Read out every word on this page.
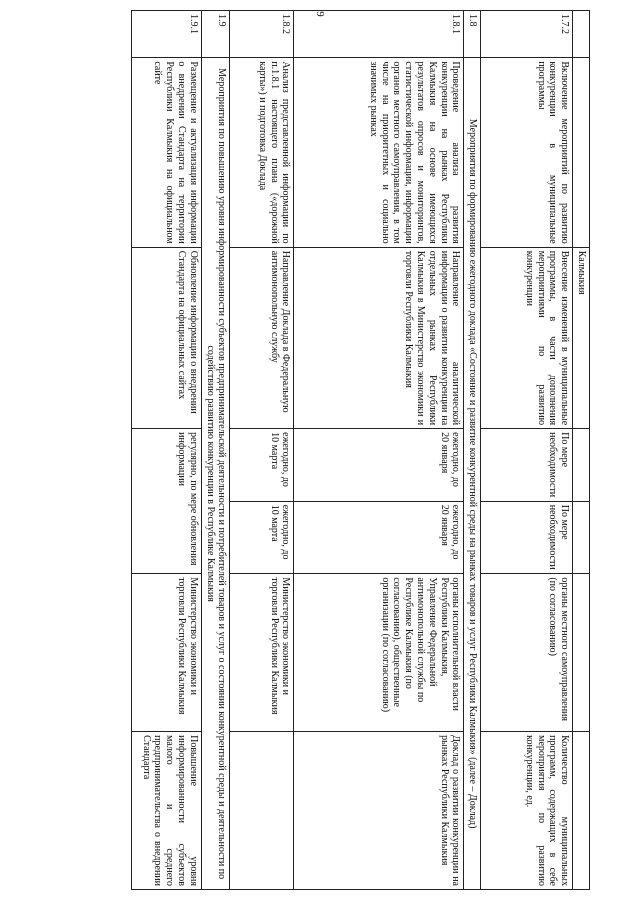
9
		Калмыкия				
1.7.2	Включение мероприятий по развитию конкуренции в муниципальные программы	Внесение изменений в муниципальные программы, в части дополнения мероприятиями по развитию конкуренции	По мере необходимости	По мере необходимости	органы местного самоуправления (по согласованию)	Количество муниципальных программ, содержащих в себе мероприятия по развитию конкуренции, ед.
1.8	Мероприятия по формированию ежегодного доклада «Состояние и развитие конкурентной среды на рынках товаров и услуг Республики Калмыкия» (далее – Доклад)					
1.8.1	Проведение анализа развития конкуренции на рынках Республики Калмыкия на основе имеющихся результатов опросов и мониторингов, статистической информации, информации органов местного самоуправления, в том числе на приоритетных и социально значимых рынках	Направление аналитической информации о развитии конкуренции на отдельных рынках Республики Калмыкия в Министерство экономики и торговли Республики Калмыкия	ежегодно, до 20 января	ежегодно, до 20 января	органы исполнительной власти Республики Калмыкия, Управление Федеральной антимонопольной службы по Республике Калмыкия (по согласованию), общественные организации (по согласованию)	Доклад о развитии конкуренции на рынках Республики Калмыкия
1.8.2	Анализ представленной информации по п.1.8.1 настоящего плана («дорожной карты») и подготовка Доклада	Направление Доклада в Федеральную антимонопольную службу	ежегодно, до 10 марта	ежегодно, до 10 марта	Министерство экономики и торговли Республики Калмыкия	
1.9	Мероприятия по повышению уровня информированности субъектов предпринимательской деятельности и потребителей товаров и услуг о состоянии конкурентной среды и деятельности по содействию развитию конкуренции в Республике Калмыкия					
1.9.1	Размещение и актуализация информации о внедрении Стандарта на территории Республики Калмыкия на официальном сайте	Обновление информации о внедрении Стандарта на официальных сайтах	регулярно, по мере обновления информации		Министерство экономики и торговли Республики Калмыкия	Повышение уровня информированности субъектов малого и среднего предпринимательства о внедрении Стандарта
